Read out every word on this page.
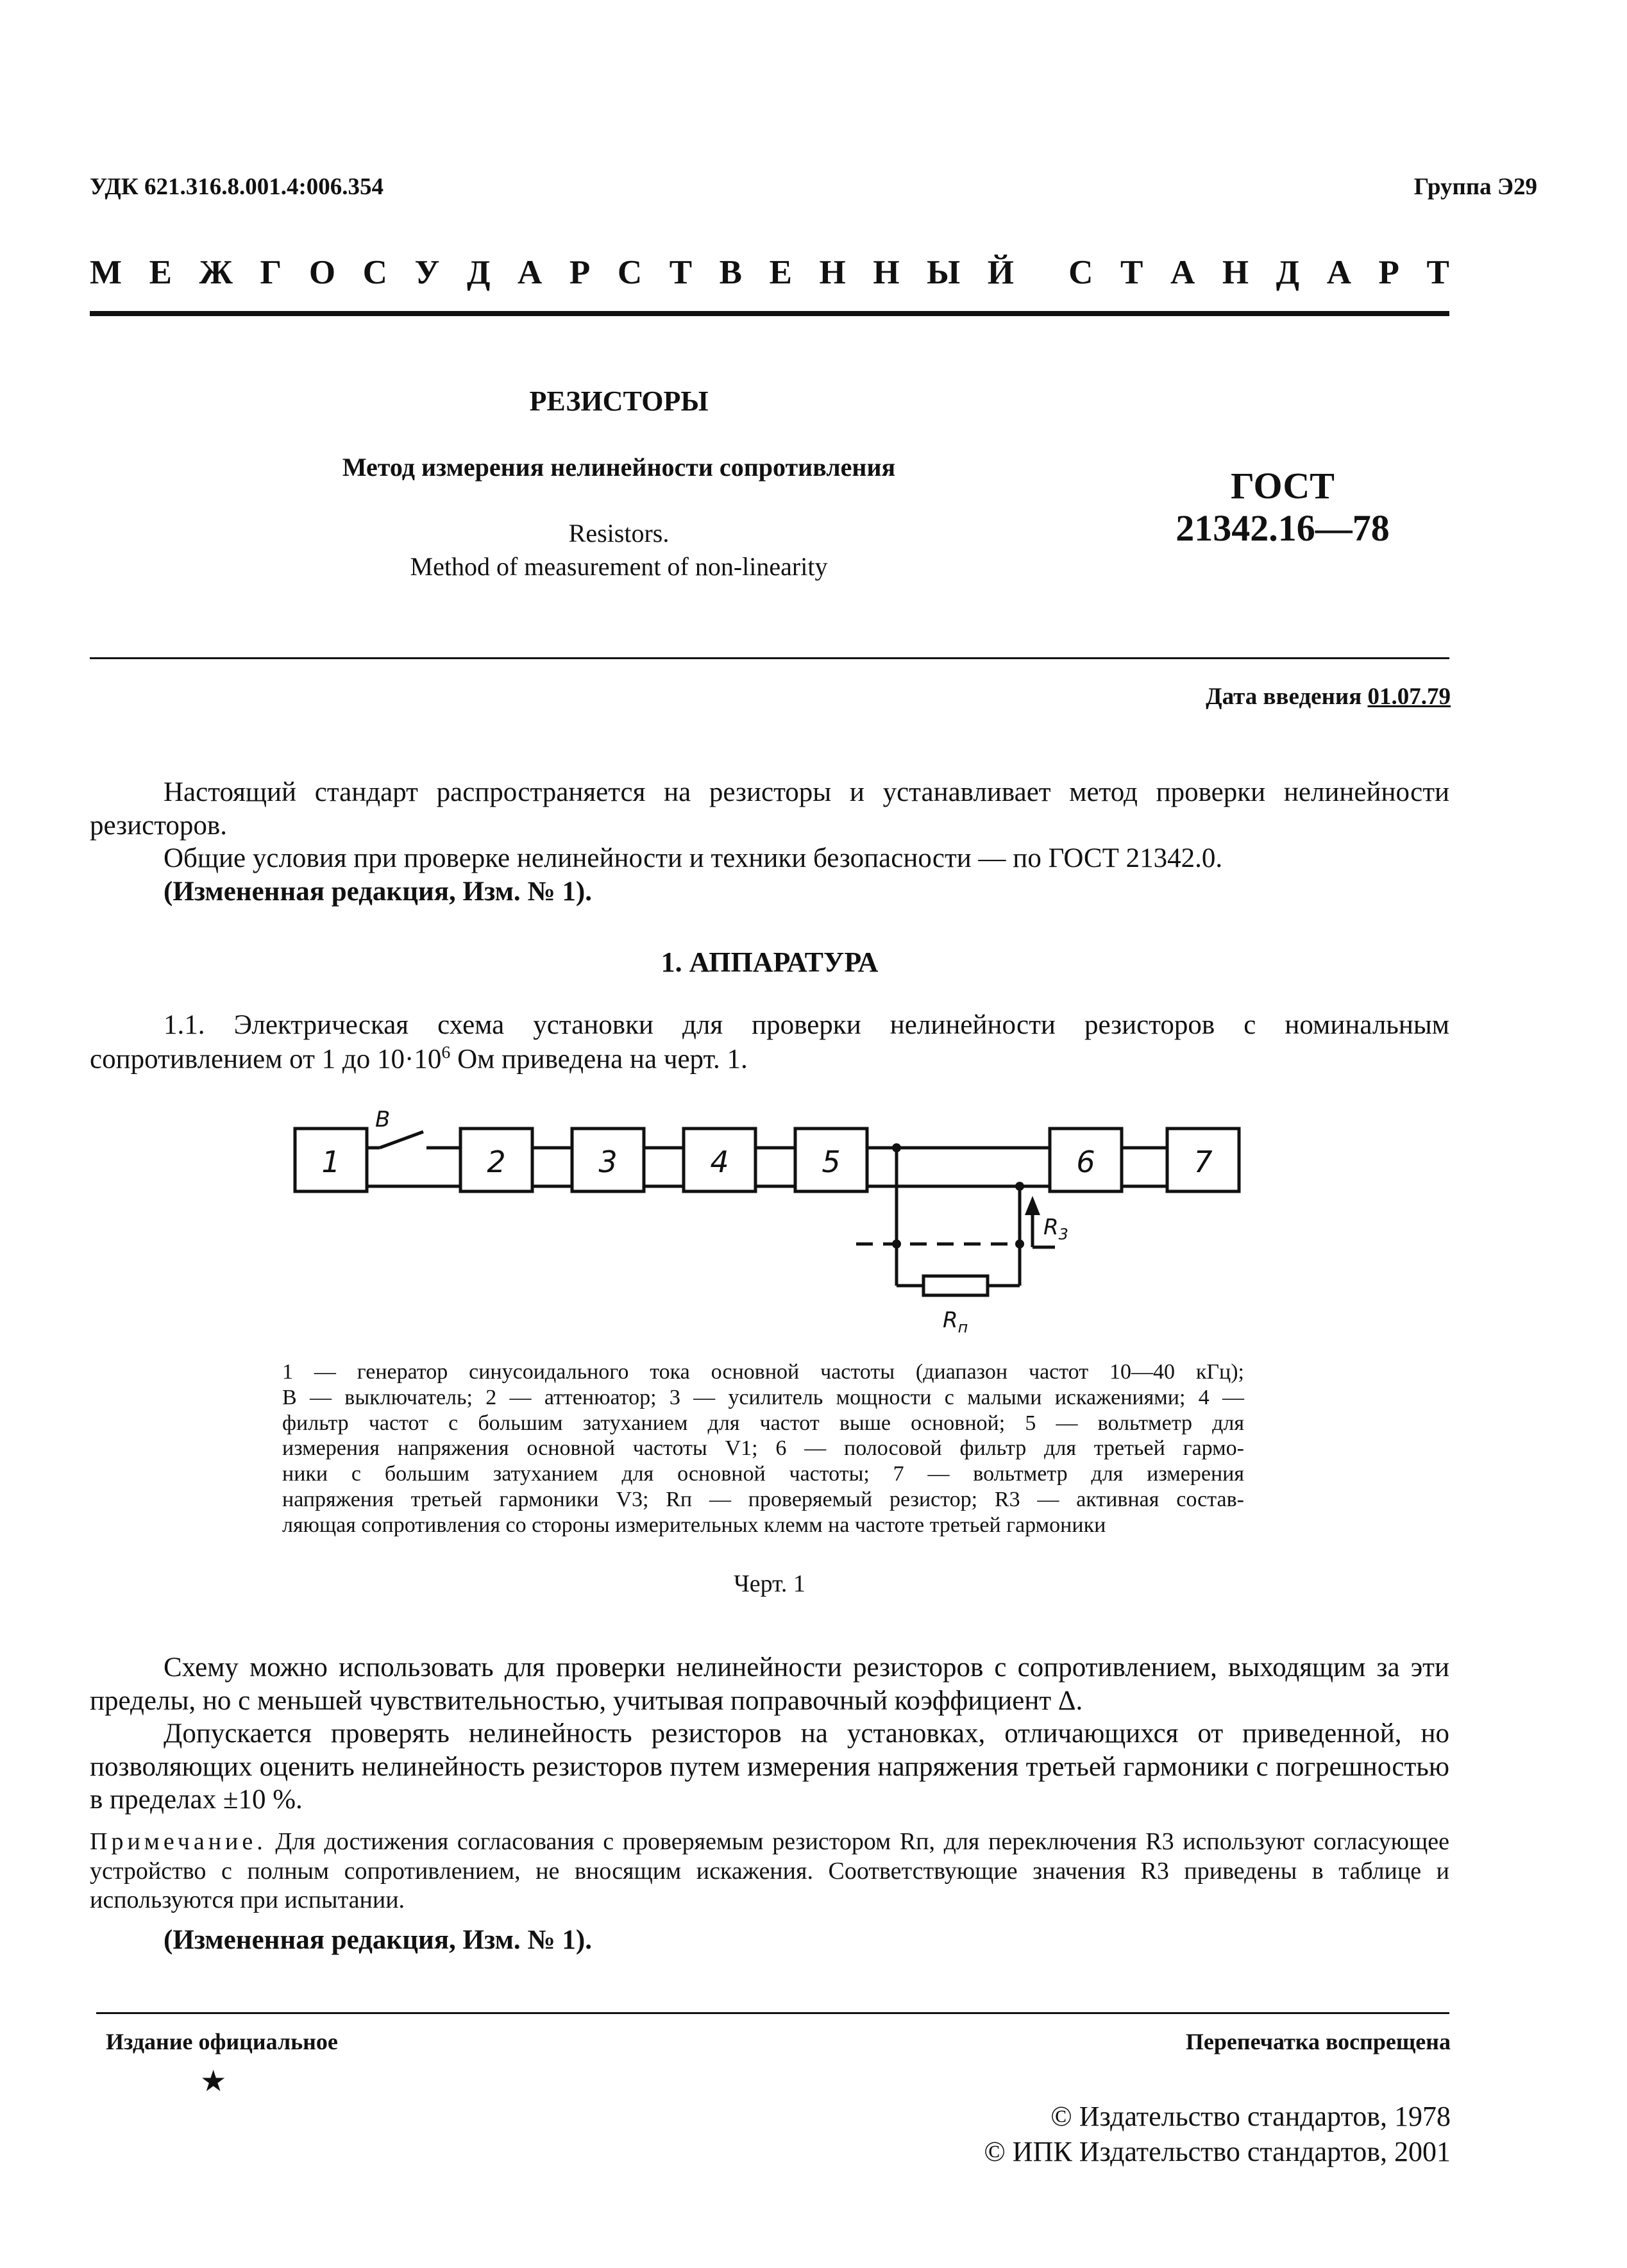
УДК 621.316.8.001.4:006.354	Группа Э29
М Е Ж Г О С У Д А Р С Т В Е Н Н Ы Й С Т А Н Д А Р Т
РЕЗИСТОРЫ
Метод измерения нелинейности сопротивления
Resistors.
Method of measurement of non-linearity
ГОСТ
21342.16—78
Дата введения 01.07.79
Настоящий стандарт распространяется на резисторы и устанавливает метод проверки нелинейности резисторов.
Общие условия при проверке нелинейности и техники безопасности — по ГОСТ 21342.0.
(Измененная редакция, Изм. № 1).
1. АППАРАТУРА
1.1. Электрическая схема установки для проверки нелинейности резисторов с номинальным сопротивлением от 1 до $10\cdot 10^6$ Ом приведена на черт. 1.
1	2	3	4	5	6	7
B
$R_3$
$R_п$
1 — генератор синусоидального тока основной частоты (диапазон частот 10—40 кГц);
B — выключатель; 2 — аттенюатор; 3 — усилитель мощности с малыми искажениями; 4 —
фильтр частот с большим затуханием для частот выше основной; 5 — вольтметр для
измерения напряжения основной частоты V1; 6 — полосовой фильтр для третьей гармо-
ники с большим затуханием для основной частоты; 7 — вольтметр для измерения
напряжения третьей гармоники V3; Rп — проверяемый резистор; R3 — активная состав-
ляющая сопротивления со стороны измерительных клемм на частоте третьей гармоники
Черт. 1
Схему можно использовать для проверки нелинейности резисторов с сопротивлением, выходящим за эти пределы, но с меньшей чувствительностью, учитывая поправочный коэффициент Δ.
Допускается проверять нелинейность резисторов на установках, отличающихся от приведенной, но позволяющих оценить нелинейность резисторов путем измерения напряжения третьей гармоники с погрешностью в пределах ±10 %.
Примечание. Для достижения согласования с проверяемым резистором Rп, для переключения R3 используют согласующее устройство с полным сопротивлением, не вносящим искажения. Соответствующие значения R3 приведены в таблице и используются при испытании.
(Измененная редакция, Изм. № 1).
Издание официальное	Перепечатка воспрещена
★
© Издательство стандартов, 1978
© ИПК Издательство стандартов, 2001
